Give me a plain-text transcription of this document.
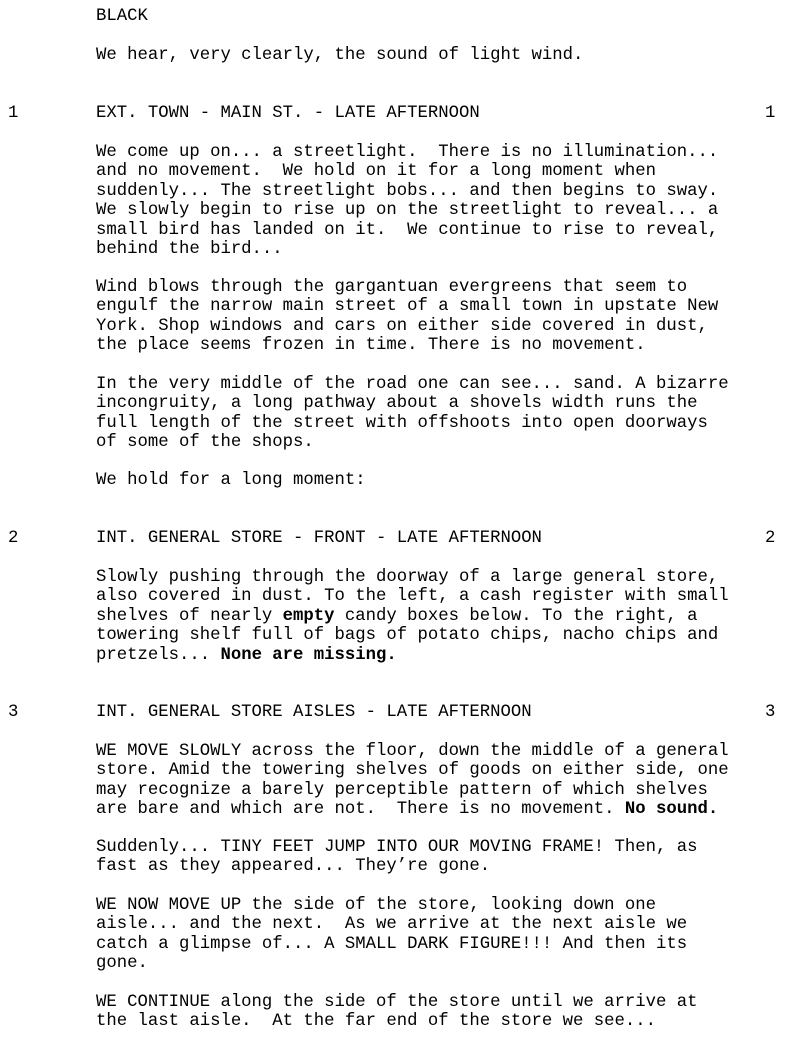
BLACK
We hear, very clearly, the sound of light wind.
1	EXT. TOWN - MAIN ST. - LATE AFTERNOON	1
We come up on... a streetlight.  There is no illumination...
and no movement.  We hold on it for a long moment when
suddenly... The streetlight bobs... and then begins to sway.
We slowly begin to rise up on the streetlight to reveal... a
small bird has landed on it.  We continue to rise to reveal,
behind the bird...
Wind blows through the gargantuan evergreens that seem to
engulf the narrow main street of a small town in upstate New
York. Shop windows and cars on either side covered in dust,
the place seems frozen in time. There is no movement.
In the very middle of the road one can see... sand. A bizarre
incongruity, a long pathway about a shovels width runs the
full length of the street with offshoots into open doorways
of some of the shops.
We hold for a long moment:
2	INT. GENERAL STORE - FRONT - LATE AFTERNOON	2
Slowly pushing through the doorway of a large general store,
also covered in dust. To the left, a cash register with small
shelves of nearly empty candy boxes below. To the right, a
towering shelf full of bags of potato chips, nacho chips and
pretzels... None are missing.
3	INT. GENERAL STORE AISLES - LATE AFTERNOON	3
WE MOVE SLOWLY across the floor, down the middle of a general
store. Amid the towering shelves of goods on either side, one
may recognize a barely perceptible pattern of which shelves
are bare and which are not.  There is no movement. No sound.
Suddenly... TINY FEET JUMP INTO OUR MOVING FRAME! Then, as
fast as they appeared... They’re gone.
WE NOW MOVE UP the side of the store, looking down one
aisle... and the next.  As we arrive at the next aisle we
catch a glimpse of... A SMALL DARK FIGURE!!! And then its
gone.
WE CONTINUE along the side of the store until we arrive at
the last aisle.  At the far end of the store we see...
